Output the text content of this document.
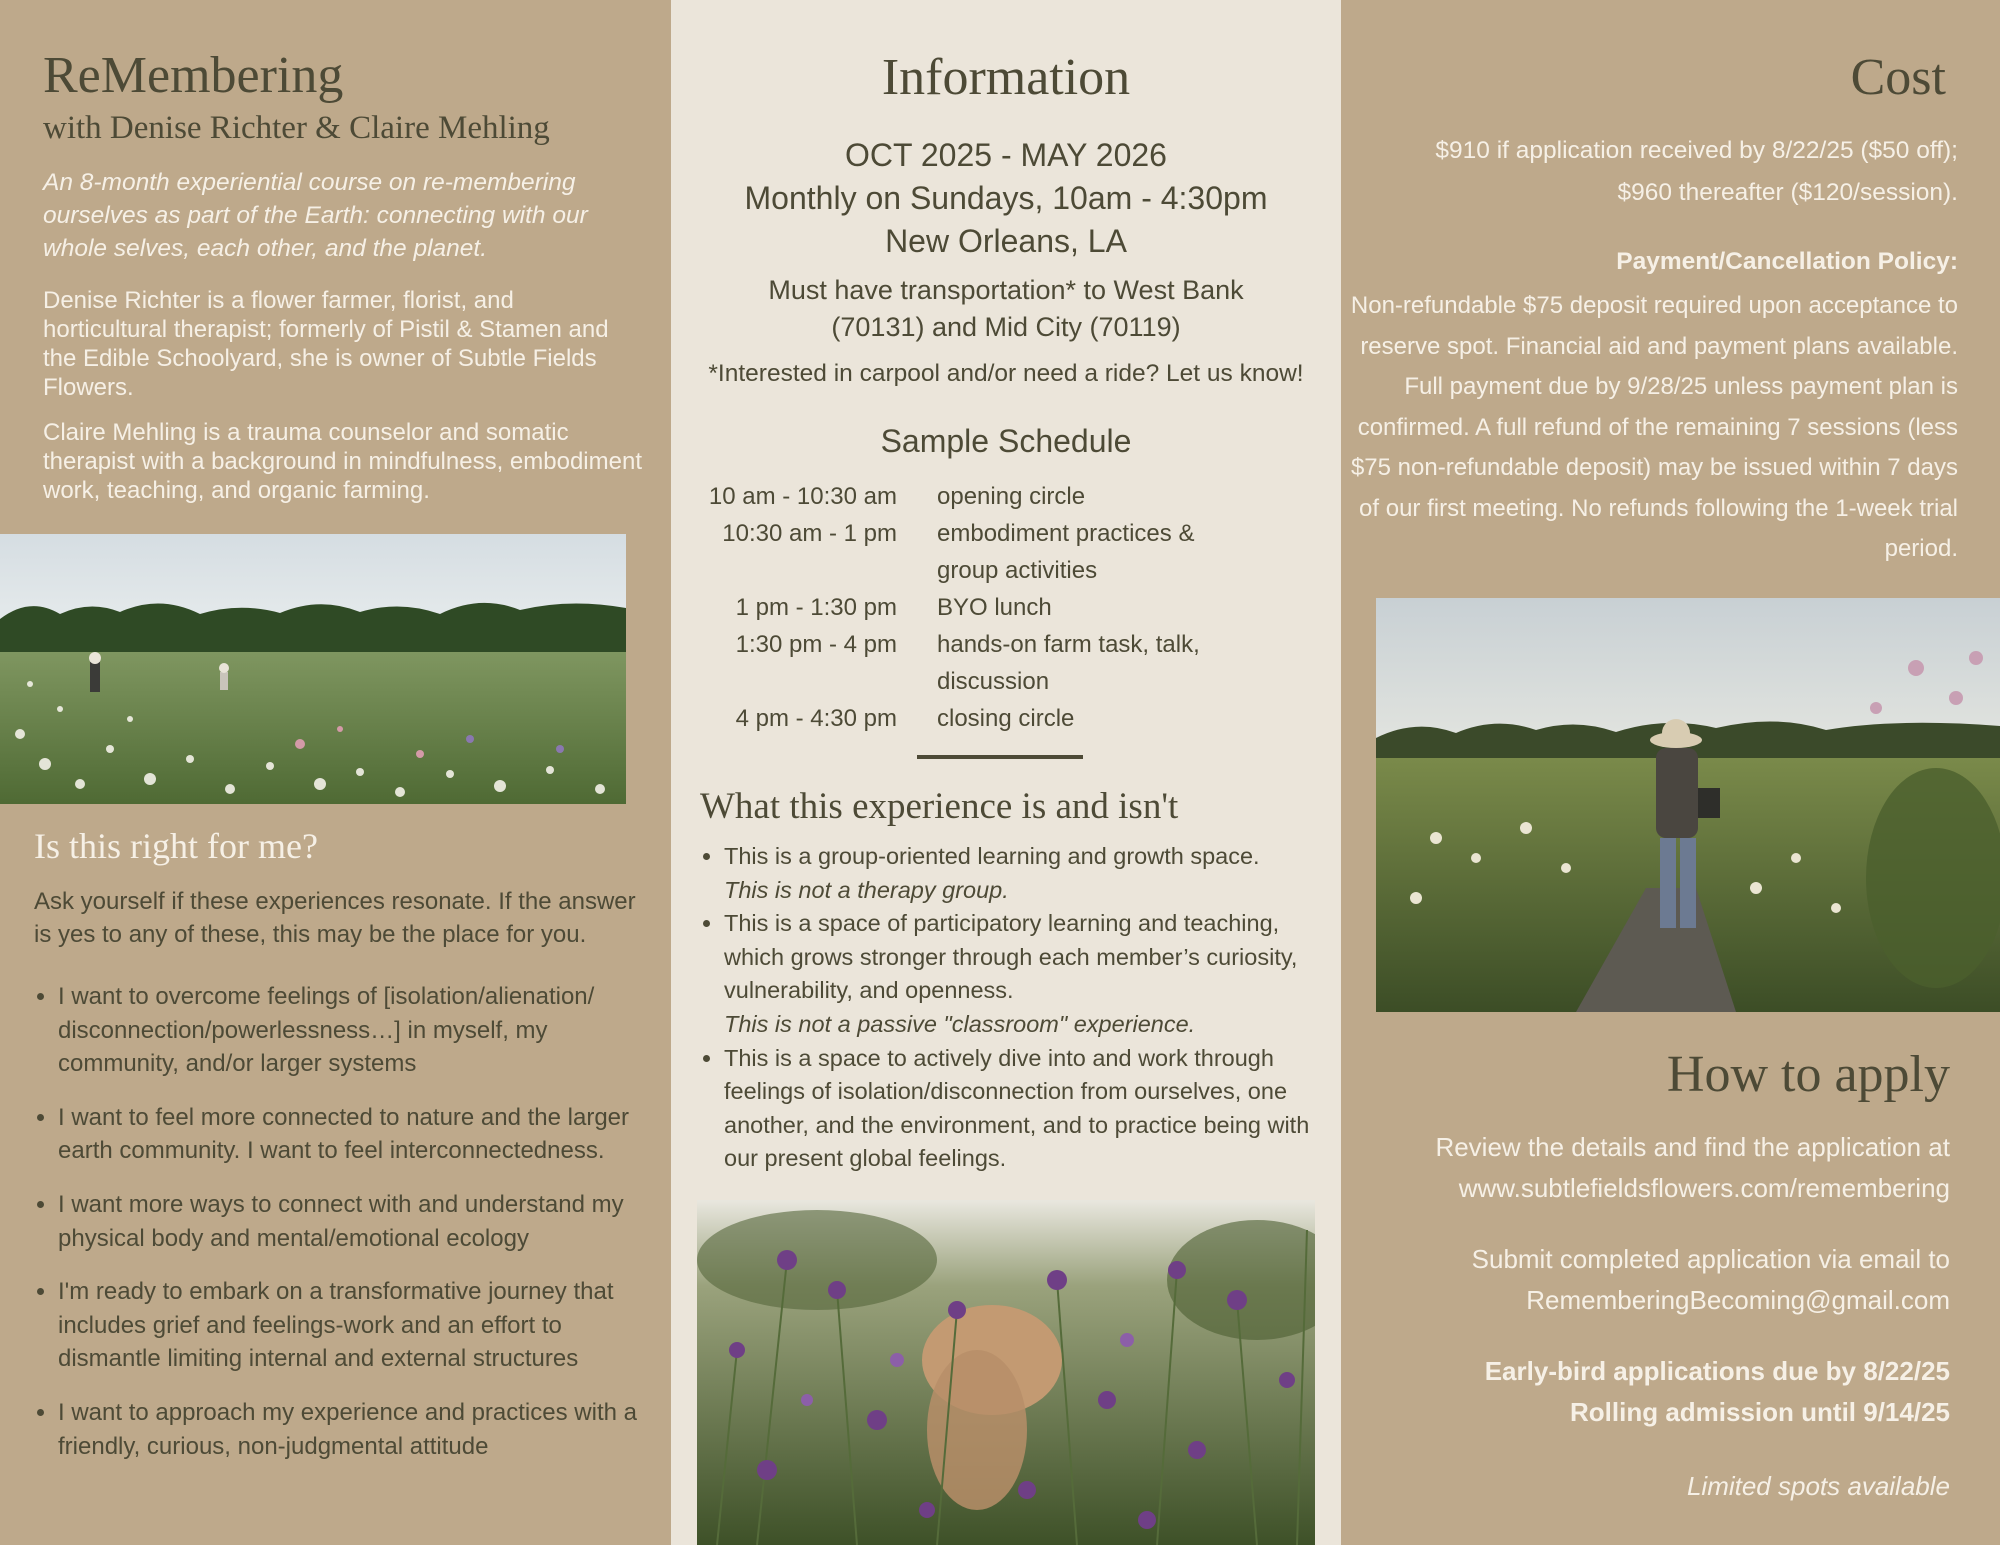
ReMembering
with Denise Richter & Claire Mehling
An 8-month experiential course on re-membering ourselves as part of the Earth: connecting with our whole selves, each other, and the planet.
Denise Richter is a flower farmer, florist, and horticultural therapist; formerly of Pistil & Stamen and the Edible Schoolyard, she is owner of Subtle Fields Flowers.
Claire Mehling is a trauma counselor and somatic therapist with a background in mindfulness, embodiment work, teaching, and organic farming.
Is this right for me?
Ask yourself if these experiences resonate. If the answer is yes to any of these, this may be the place for you.
• I want to overcome feelings of [isolation/alienation/ disconnection/powerlessness…] in myself, my community, and/or larger systems
• I want to feel more connected to nature and the larger earth community. I want to feel interconnectedness.
• I want more ways to connect with and understand my physical body and mental/emotional ecology
• I'm ready to embark on a transformative journey that includes grief and feelings-work and an effort to dismantle limiting internal and external structures
• I want to approach my experience and practices with a friendly, curious, non-judgmental attitude
Information
OCT 2025 - MAY 2026
Monthly on Sundays, 10am - 4:30pm
New Orleans, LA
Must have transportation* to West Bank (70131) and Mid City (70119)
*Interested in carpool and/or need a ride? Let us know!
Sample Schedule
10 am - 10:30 am	opening circle
10:30 am - 1 pm	embodiment practices & group activities
1 pm - 1:30 pm	BYO lunch
1:30 pm - 4 pm	hands-on farm task, talk, discussion
4 pm - 4:30 pm	closing circle
What this experience is and isn't
• This is a group-oriented learning and growth space.
This is not a therapy group.
• This is a space of participatory learning and teaching, which grows stronger through each member’s curiosity, vulnerability, and openness.
This is not a passive "classroom" experience.
• This is a space to actively dive into and work through feelings of isolation/disconnection from ourselves, one another, and the environment, and to practice being with our present global feelings.
Cost
$910 if application received by 8/22/25 ($50 off);
$960 thereafter ($120/session).
Payment/Cancellation Policy:
Non-refundable $75 deposit required upon acceptance to reserve spot. Financial aid and payment plans available. Full payment due by 9/28/25 unless payment plan is confirmed. A full refund of the remaining 7 sessions (less $75 non-refundable deposit) may be issued within 7 days of our first meeting. No refunds following the 1-week trial period.
How to apply
Review the details and find the application at
www.subtlefieldsflowers.com/remembering
Submit completed application via email to
RememberingBecoming@gmail.com
Early-bird applications due by 8/22/25
Rolling admission until 9/14/25
Limited spots available
